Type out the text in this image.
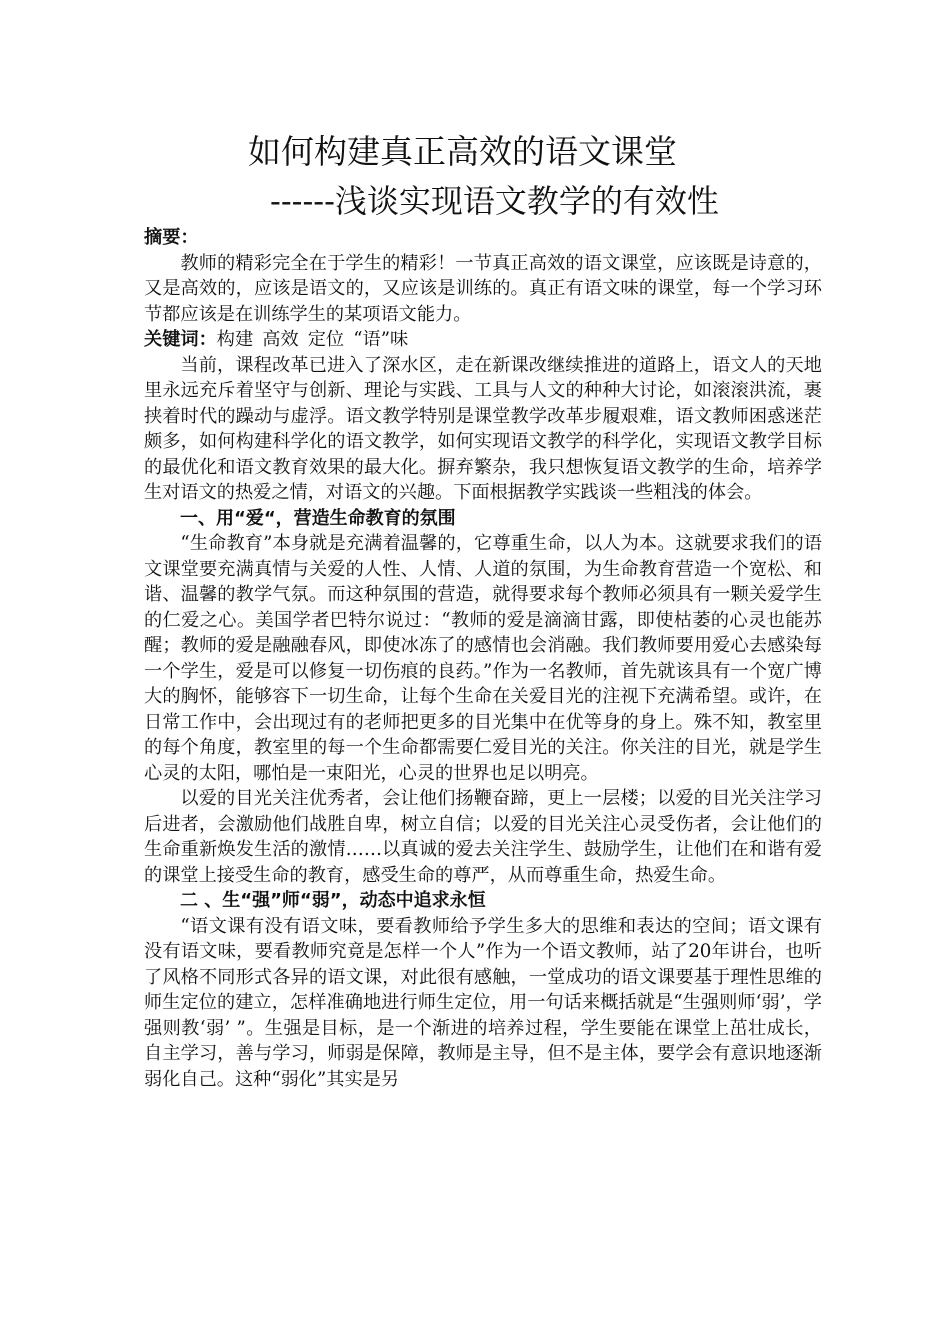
如何构建真正高效的语文课堂
------浅谈实现语文教学的有效性

摘要：

教师的精彩完全在于学生的精彩！一节真正高效的语文课堂，应该既是诗意的，又是高效的，应该是语文的，又应该是训练的。真正有语文味的课堂，每一个学习环节都应该是在训练学生的某项语文能力。

关键词：构建 高效 定位 “语”味

当前，课程改革已进入了深水区，走在新课改继续推进的道路上，语文人的天地里永远充斥着坚守与创新、理论与实践、工具与人文的种种大讨论，如滚滚洪流，裹挟着时代的躁动与虚浮。语文教学特别是课堂教学改革步履艰难，语文教师困惑迷茫颇多，如何构建科学化的语文教学，如何实现语文教学的科学化，实现语文教学目标的最优化和语文教育效果的最大化。摒弃繁杂，我只想恢复语文教学的生命，培养学生对语文的热爱之情，对语文的兴趣。下面根据教学实践谈一些粗浅的体会。

一、用“爱“，营造生命教育的氛围

“生命教育”本身就是充满着温馨的，它尊重生命，以人为本。这就要求我们的语文课堂要充满真情与关爱的人性、人情、人道的氛围，为生命教育营造一个宽松、和谐、温馨的教学气氛。而这种氛围的营造，就得要求每个教师必须具有一颗关爱学生的仁爱之心。美国学者巴特尔说过：“教师的爱是滴滴甘露，即使枯萎的心灵也能苏醒；教师的爱是融融春风，即使冰冻了的感情也会消融。我们教师要用爱心去感染每一个学生，爱是可以修复一切伤痕的良药。”作为一名教师，首先就该具有一个宽广博大的胸怀，能够容下一切生命，让每个生命在关爱目光的注视下充满希望。或许，在日常工作中，会出现过有的老师把更多的目光集中在优等身的身上。殊不知，教室里的每个角度，教室里的每一个生命都需要仁爱目光的关注。你关注的目光，就是学生心灵的太阳，哪怕是一束阳光，心灵的世界也足以明亮。

以爱的目光关注优秀者，会让他们扬鞭奋蹄，更上一层楼；以爱的目光关注学习后进者，会激励他们战胜自卑，树立自信；以爱的目光关注心灵受伤者，会让他们的生命重新焕发生活的激情……以真诚的爱去关注学生、鼓励学生，让他们在和谐有爱的课堂上接受生命的教育，感受生命的尊严，从而尊重生命，热爱生命。

二 、生“强”师“弱”，动态中追求永恒

“语文课有没有语文味，要看教师给予学生多大的思维和表达的空间；语文课有没有语文味，要看教师究竟是怎样一个人”作为一个语文教师，站了20年讲台，也听了风格不同形式各异的语文课，对此很有感触，一堂成功的语文课要基于理性思维的师生定位的建立，怎样准确地进行师生定位，用一句话来概括就是“生强则师‘弱’，学强则教‘弱’ ”。生强是目标，是一个渐进的培养过程，学生要能在课堂上茁壮成长，自主学习，善与学习，师弱是保障，教师是主导，但不是主体，要学会有意识地逐渐弱化自己。这种“弱化”其实是另
